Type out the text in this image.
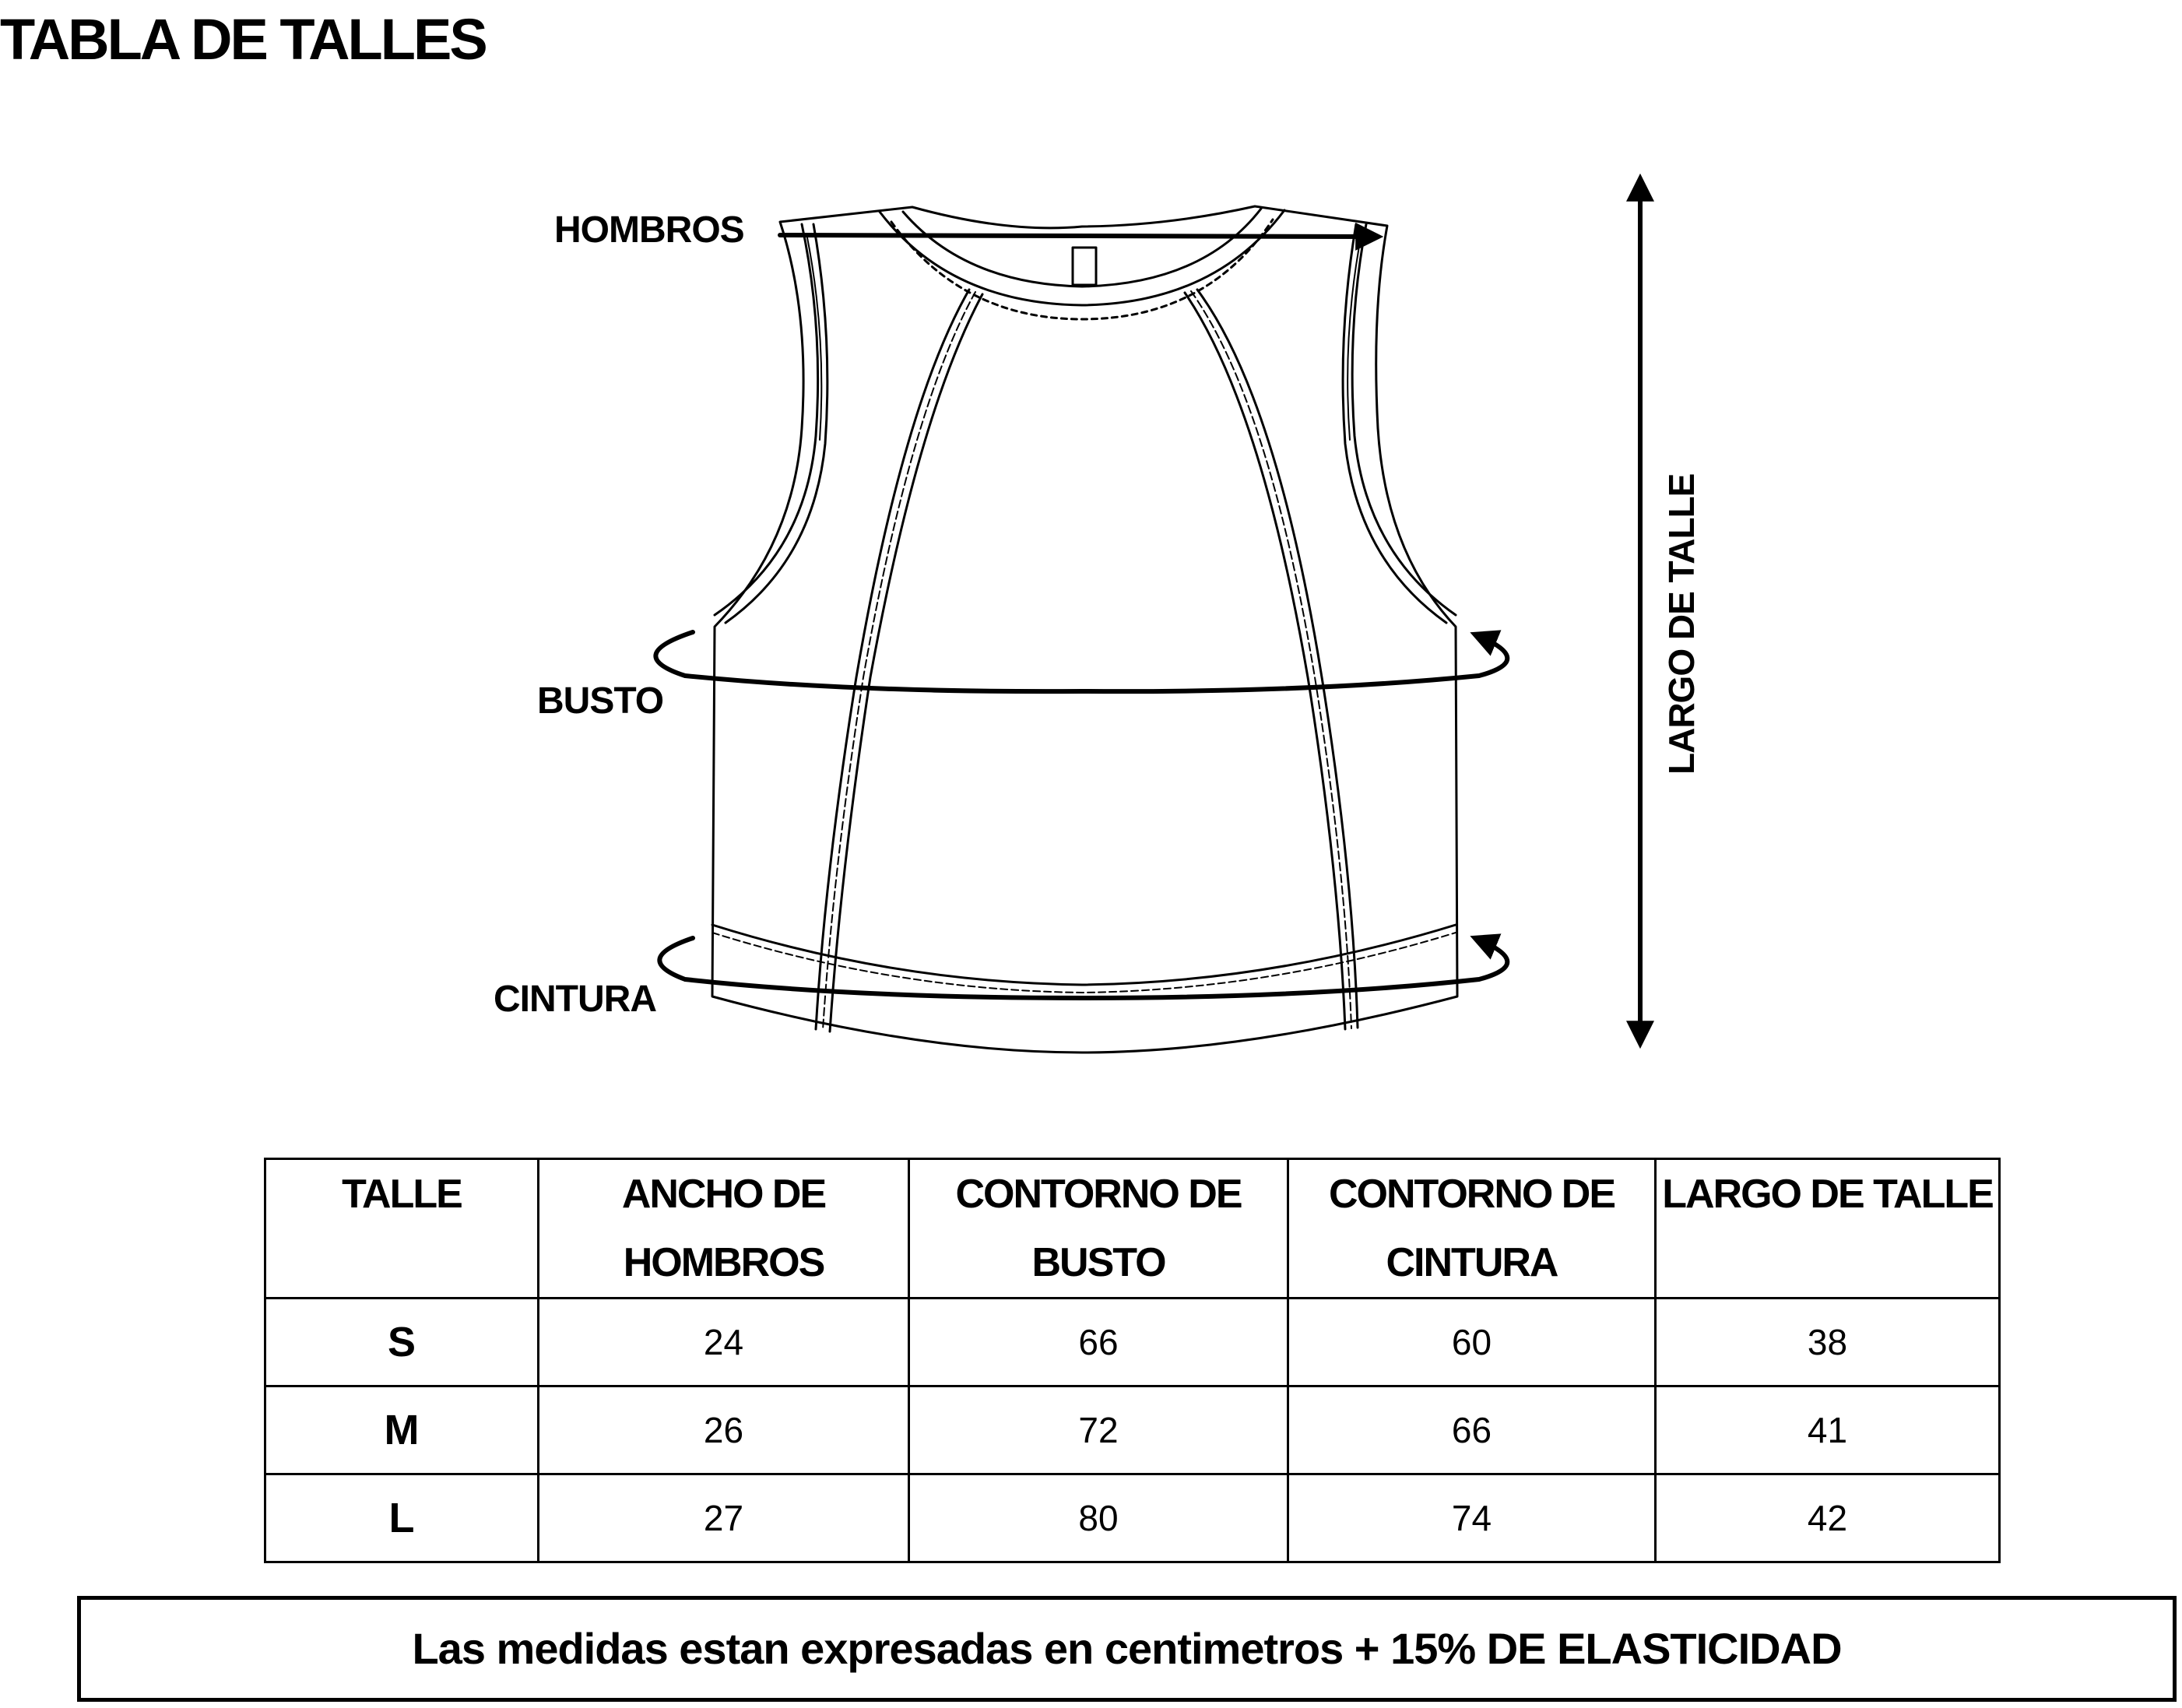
TABLA DE TALLES
HOMBROS
BUSTO
CINTURA
LARGO DE TALLE
TALLE	ANCHO DE HOMBROS	CONTORNO DE BUSTO	CONTORNO DE CINTURA	LARGO DE TALLE
S	24	66	60	38
M	26	72	66	41
L	27	80	74	42
Las medidas estan expresadas en centimetros + 15% DE ELASTICIDAD
